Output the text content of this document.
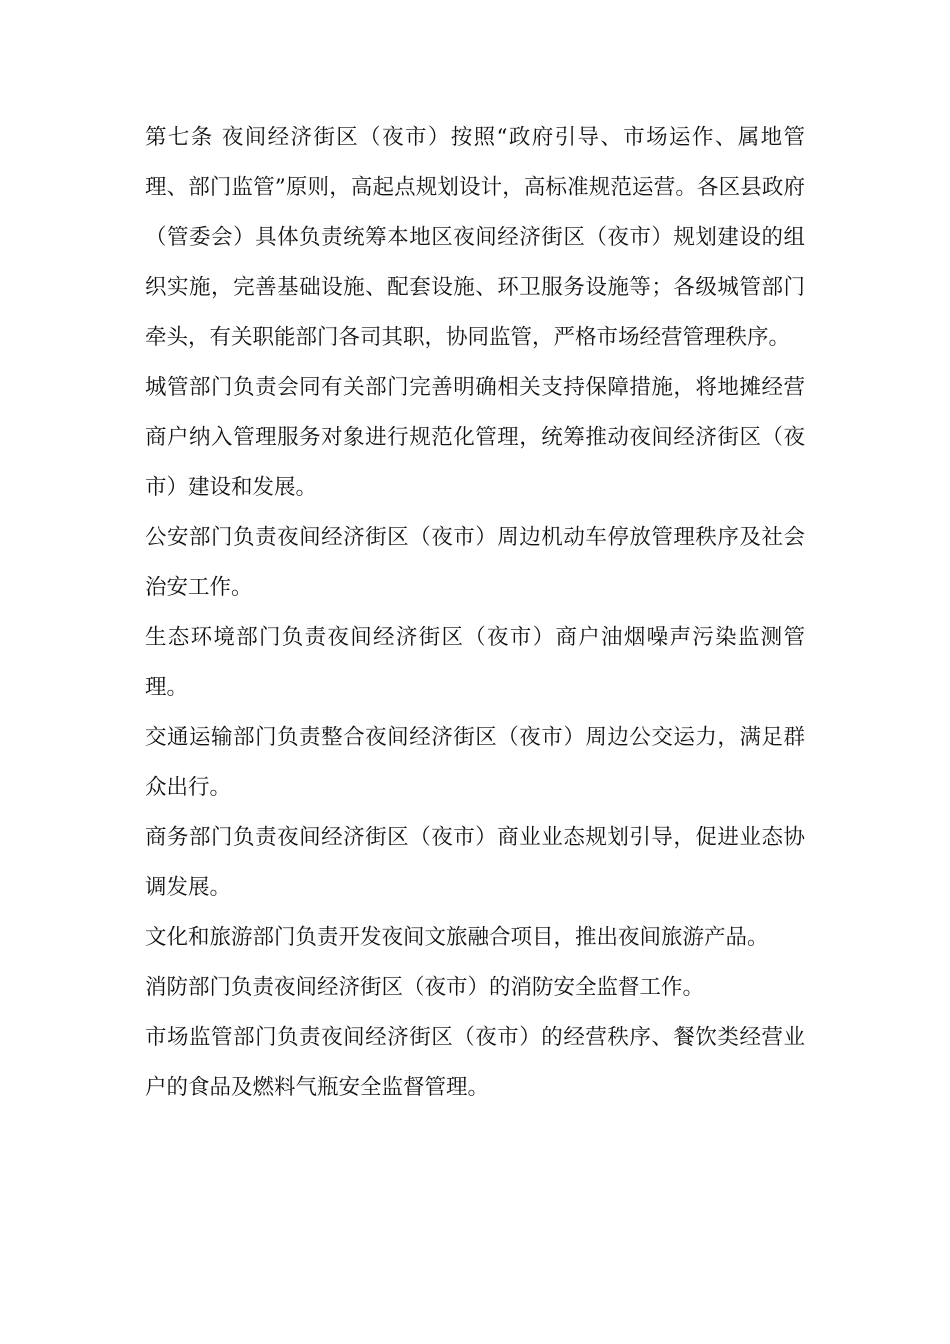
第七条 夜间经济街区（夜市）按照“政府引导、市场运作、属地管理、部门监管”原则，高起点规划设计，高标准规范运营。各区县政府（管委会）具体负责统筹本地区夜间经济街区（夜市）规划建设的组织实施，完善基础设施、配套设施、环卫服务设施等；各级城管部门牵头，有关职能部门各司其职，协同监管，严格市场经营管理秩序。

城管部门负责会同有关部门完善明确相关支持保障措施，将地摊经营商户纳入管理服务对象进行规范化管理，统筹推动夜间经济街区（夜市）建设和发展。

公安部门负责夜间经济街区（夜市）周边机动车停放管理秩序及社会治安工作。

生态环境部门负责夜间经济街区（夜市）商户油烟噪声污染监测管理。

交通运输部门负责整合夜间经济街区（夜市）周边公交运力，满足群众出行。

商务部门负责夜间经济街区（夜市）商业业态规划引导，促进业态协调发展。

文化和旅游部门负责开发夜间文旅融合项目，推出夜间旅游产品。

消防部门负责夜间经济街区（夜市）的消防安全监督工作。

市场监管部门负责夜间经济街区（夜市）的经营秩序、餐饮类经营业户的食品及燃料气瓶安全监督管理。
